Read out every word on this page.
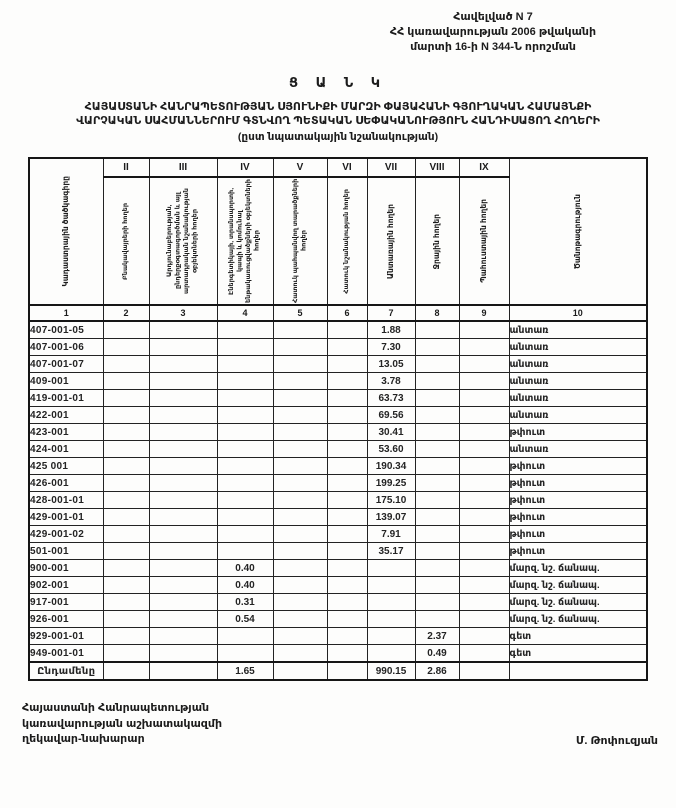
Հավելված N 7
ՀՀ կառավարության 2006 թվականի
մարտի 16-ի N 344-Ն որոշման
Ց Ա Ն Կ
ՀԱՅԱՍՏԱՆԻ ՀԱՆՐԱՊԵՏՈՒԹՅԱՆ ՍՅՈՒՆԻՔԻ ՄԱՐԶԻ ՓԱՅԱՀԱՆԻ ԳՅՈՒՂԱԿԱՆ ՀԱՄԱՅՆՔԻ
ՎԱՐՉԱԿԱՆ ՍԱՀՄԱՆՆԵՐՈՒՄ ԳՏՆՎՈՂ ՊԵՏԱԿԱՆ ՍԵՓԱԿԱՆՈՒԹՅՈՒՆ ՀԱՆԴԻՍԱՑՈՂ ՀՈՂԵՐԻ
(ըստ նպատակային նշանակության)
Կադաստրային ծածկագիրը	II	III	IV	V	VI	VII	VIII	IX	Ծանոթագրություն

	Բնակավայրերի հողեր	Արդյունաբերության, ընդերքօգտագործման և այլ արտադրական նշանակության օբյեկտների հողեր	Էներգետիկայի, տրանսպորտի, կապի և կոմունալ ենթակառուցվածքների օբյեկտների հողեր	Հատուկ պահպանվող տարածքների հողեր	Հատուկ նշանակության հողեր	Անտառային հողեր	Ջրային հողեր	Պահուստային հողեր	

1	2	3	4	5	6	7	8	9	10
407-001-05						1.88			անտառ
407-001-06						7.30			անտառ
407-001-07						13.05			անտառ
409-001						3.78			անտառ
419-001-01						63.73			անտառ
422-001						69.56			անտառ
423-001						30.41			թփուտ
424-001						53.60			անտառ
425 001						190.34			թփուտ
426-001						199.25			թփուտ
428-001-01						175.10			թփուտ
429-001-01						139.07			թփուտ
429-001-02						7.91			թփուտ
501-001						35.17			թփուտ
900-001			0.40						մարզ. նշ. ճանապ.
902-001			0.40						մարզ. նշ. ճանապ.
917-001			0.31						մարզ. նշ. ճանապ.
926-001			0.54						մարզ. նշ. ճանապ.
929-001-01							2.37		գետ
949-001-01							0.49		գետ
Ընդամենը			1.65			990.15	2.86		
Հայաստանի Հանրապետության
կառավարության աշխատակազմի
ղեկավար-նախարար	Մ. Թոփուզյան
